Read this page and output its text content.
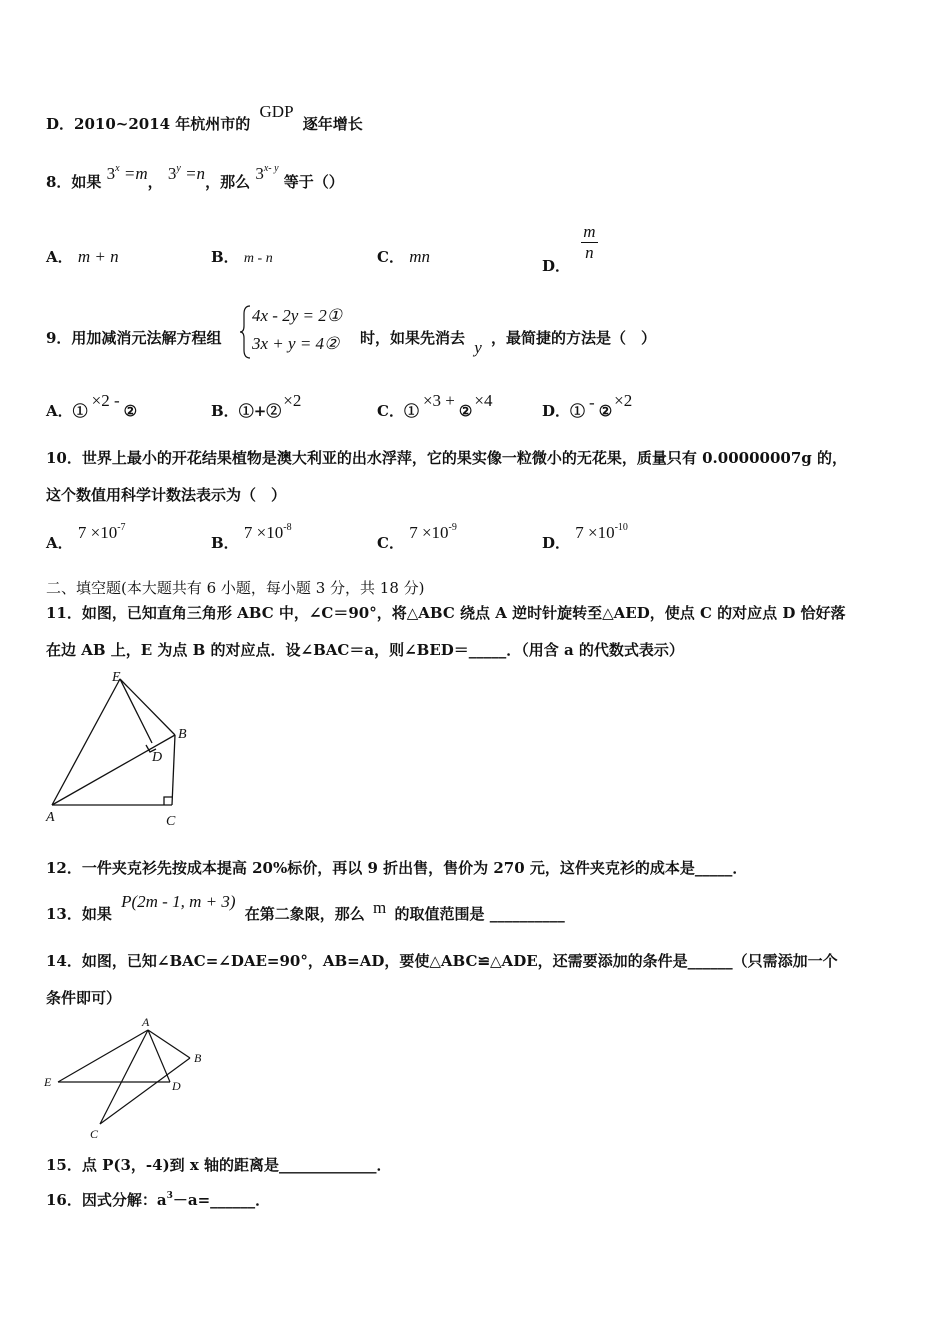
D．2010~2014 年杭州市的 GDP 逐年增长
8．如果 $3^x =m$， $3^y =n$，那么 3$^{x- y}$ 等于（）
A． m + n	B． m - n	C． mn	D．
$\frac{m}{n}$
9．用加减消元法解方程组
4x - 2y = 2①
3x + y = 4② 时，如果先消去 y ，最简捷的方法是（　）
A．①×2 -②	B．①+②×2
C．①×3 +②×4
D．① - ②×2
10．世界上最小的开花结果植物是澳大利亚的出水浮萍，它的果实像一粒微小的无花果，质量只有 0.00000007g 的，
这个数值用科学计数法表示为（　）
A． $7 \times 10^{-7}$
B． $7 \times 10^{-8}$
C． $7 \times 10^{-9}$
D． $7 \times 10^{-10}$
二、填空题(本大题共有 6 小题，每小题 3 分，共 18 分)
11．如图，已知直角三角形 ABC 中，∠C＝90°，将△ABC 绕点 A 逆时针旋转至△AED，使点 C 的对应点 D 恰好落
在边 AB 上，E 为点 B 的对应点．设∠BAC＝a，则∠BED＝_____．（用含 a 的代数式表示）
E
B
D
A	C
12．一件夹克衫先按成本提高 20%标价，再以 9 折出售，售价为 270 元，这件夹克衫的成本是_____．
13．如果 P(2m - 1, m + 3) 在第二象限，那么 m 的取值范围是 __________
14．如图，已知∠BAC=∠DAE=90°，AB=AD，要使△ABC≌△ADE，还需要添加的条件是______（只需添加一个
条件即可）
A
B
D
E
C
15．点 P(3，-4)到 x 轴的距离是_____________．
16．因式分解：$a^3-a=\_\_\_\_\_\_$．
